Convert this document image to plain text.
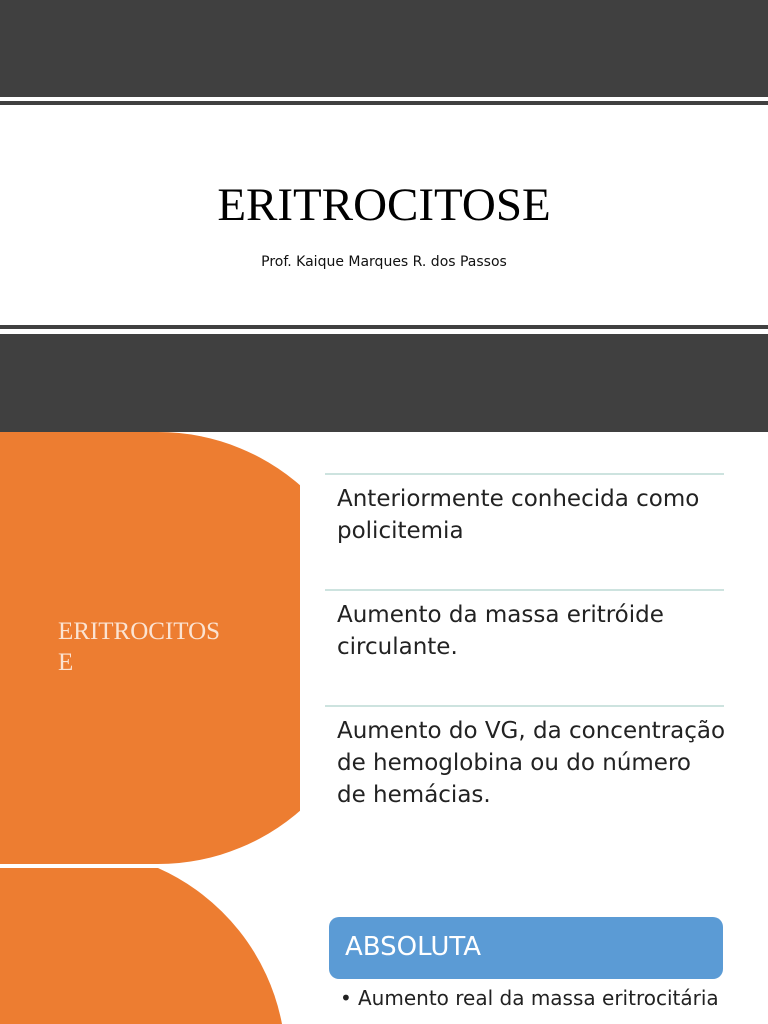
ERITROCITOSE
Prof. Kaique Marques R. dos Passos
ERITROCITOSE
Anteriormente conhecida como policitemia
Aumento da massa eritróide circulante.
Aumento do VG, da concentração de hemoglobina ou do número de hemácias.
ABSOLUTA
• Aumento real da massa eritrocitária
